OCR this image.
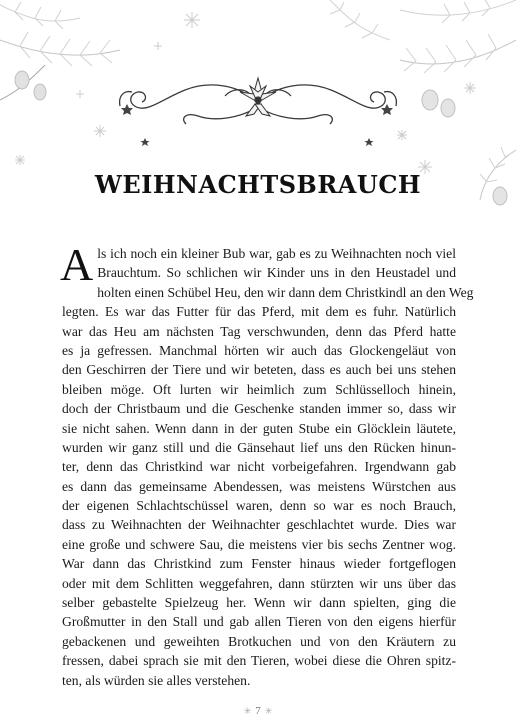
WEIHNACHTSBRAUCH
A ls ich noch ein kleiner Bub war, gab es zu Weihnachten noch viel
Brauchtum. So schlichen wir Kinder uns in den Heustadel und
holten einen Schübel Heu, den wir dann dem Christkindl an den Weg
legten. Es war das Futter für das Pferd, mit dem es fuhr. Natürlich
war das Heu am nächsten Tag verschwunden, denn das Pferd hatte
es ja gefressen. Manchmal hörten wir auch das Glockengeläut von
den Geschirren der Tiere und wir beteten, dass es auch bei uns stehen
bleiben möge. Oft lurten wir heimlich zum Schlüsselloch hinein,
doch der Christbaum und die Geschenke standen immer so, dass wir
sie nicht sahen. Wenn dann in der guten Stube ein Glöcklein läutete,
wurden wir ganz still und die Gänsehaut lief uns den Rücken hinun-
ter, denn das Christkind war nicht vorbeigefahren. Irgendwann gab
es dann das gemeinsame Abendessen, was meistens Würstchen aus
der eigenen Schlachtschüssel waren, denn so war es noch Brauch,
dass zu Weihnachten der Weihnachter geschlachtet wurde. Dies war
eine große und schwere Sau, die meistens vier bis sechs Zentner wog.
War dann das Christkind zum Fenster hinaus wieder fortgeflogen
oder mit dem Schlitten weggefahren, dann stürzten wir uns über das
selber gebastelte Spielzeug her. Wenn wir dann spielten, ging die
Großmutter in den Stall und gab allen Tieren von den eigens hierfür
gebackenen und geweihten Brotkuchen und von den Kräutern zu
fressen, dabei sprach sie mit den Tieren, wobei diese die Ohren spitz-
ten, als würden sie alles verstehen.
✳ 7 ✳
